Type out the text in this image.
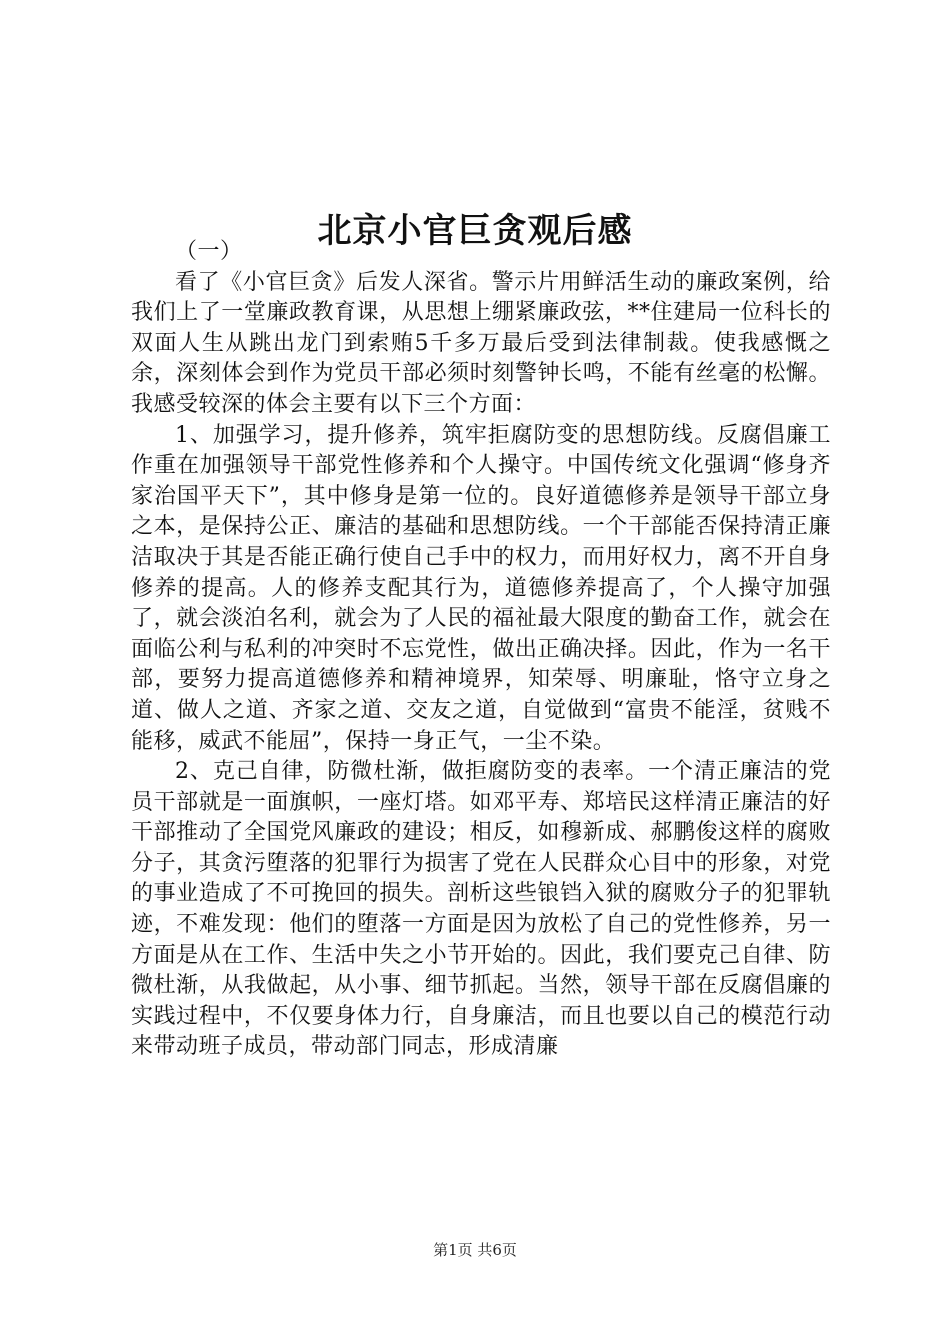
北京小官巨贪观后感

（一）

看了《小官巨贪》后发人深省。警示片用鲜活生动的廉政案例，给我们上了一堂廉政教育课，从思想上绷紧廉政弦，**住建局一位科长的双面人生从跳出龙门到索贿5千多万最后受到法律制裁。使我感慨之余，深刻体会到作为党员干部必须时刻警钟长鸣，不能有丝毫的松懈。我感受较深的体会主要有以下三个方面：

1、加强学习，提升修养，筑牢拒腐防变的思想防线。反腐倡廉工作重在加强领导干部党性修养和个人操守。中国传统文化强调“修身齐家治国平天下”，其中修身是第一位的。良好道德修养是领导干部立身之本，是保持公正、廉洁的基础和思想防线。一个干部能否保持清正廉洁取决于其是否能正确行使自己手中的权力，而用好权力，离不开自身修养的提高。人的修养支配其行为，道德修养提高了，个人操守加强了，就会淡泊名利，就会为了人民的福祉最大限度的勤奋工作，就会在面临公利与私利的冲突时不忘党性，做出正确决择。因此，作为一名干部，要努力提高道德修养和精神境界，知荣辱、明廉耻，恪守立身之道、做人之道、齐家之道、交友之道，自觉做到“富贵不能淫，贫贱不能移，威武不能屈”，保持一身正气，一尘不染。

2、克己自律，防微杜渐，做拒腐防变的表率。一个清正廉洁的党员干部就是一面旗帜，一座灯塔。如邓平寿、郑培民这样清正廉洁的好干部推动了全国党风廉政的建设；相反，如穆新成、郝鹏俊这样的腐败分子，其贪污堕落的犯罪行为损害了党在人民群众心目中的形象，对党的事业造成了不可挽回的损失。剖析这些锒铛入狱的腐败分子的犯罪轨迹，不难发现：他们的堕落一方面是因为放松了自己的党性修养，另一方面是从在工作、生活中失之小节开始的。因此，我们要克己自律、防微杜渐，从我做起，从小事、细节抓起。当然，领导干部在反腐倡廉的实践过程中，不仅要身体力行，自身廉洁，而且也要以自己的模范行动来带动班子成员，带动部门同志，形成清廉

第1页 共6页
